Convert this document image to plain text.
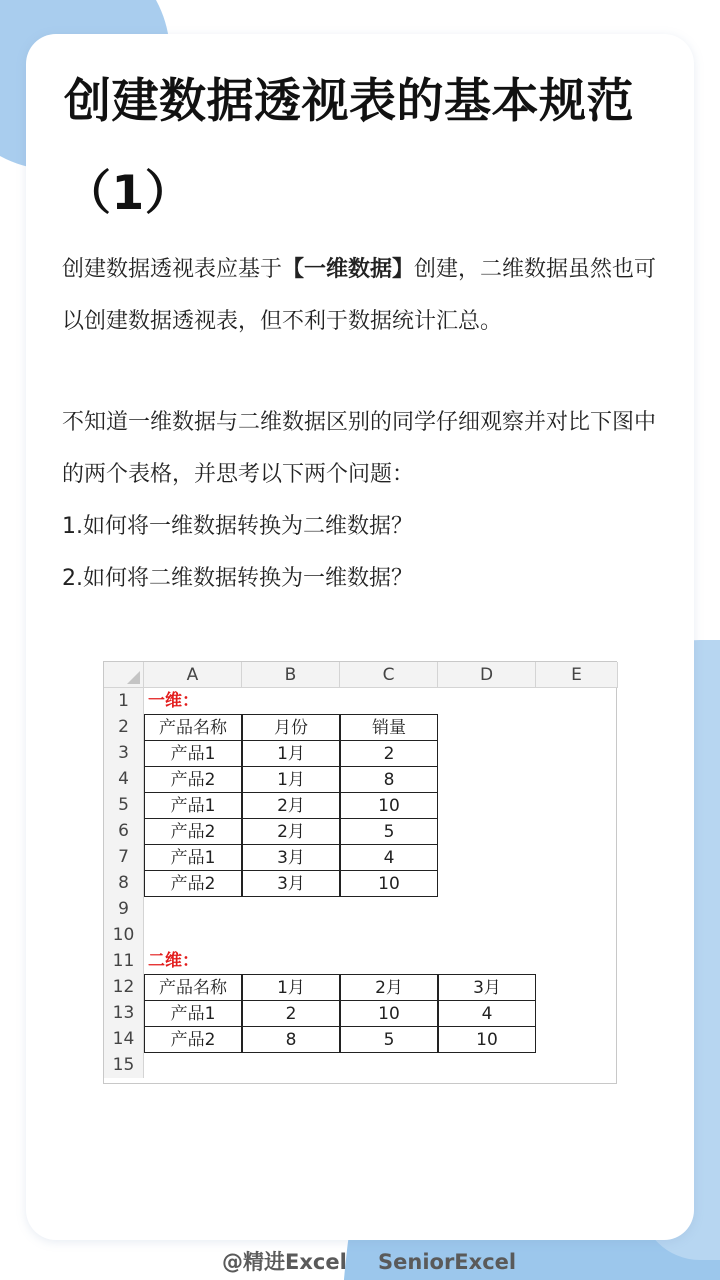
创建数据透视表的基本规范（1）

创建数据透视表应基于【一维数据】创建，二维数据虽然也可以创建数据透视表，但不利于数据统计汇总。

不知道一维数据与二维数据区别的同学仔细观察并对比下图中的两个表格，并思考以下两个问题：
1.如何将一维数据转换为二维数据？
2.如何将二维数据转换为一维数据？
A	B	C	D	E
1
2
3
4
5
6
7
8
9
10
11
12
13
14
15
一维：
二维：
产品名称	月份	销量
产品1	1月	2
产品2	1月	8
产品1	2月	10
产品2	2月	5
产品1	3月	4
产品2	3月	10
产品名称	1月	2月	3月
产品1	2	10	4
产品2	8	5	10
@精进Excel SeniorExcel
